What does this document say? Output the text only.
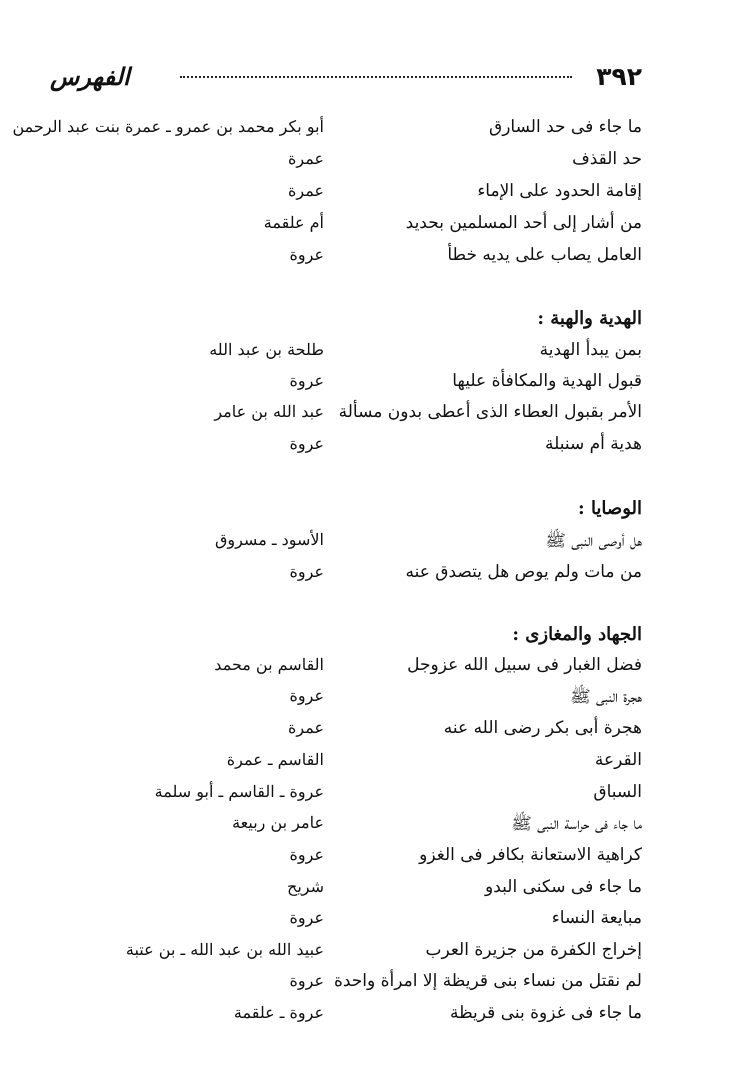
٣٩٢
الفهرس
ما جاء فى حد السارق
أبو بكر محمد بن عمرو ـ عمرة بنت عبد الرحمن
حد القذف
عمرة
إقامة الحدود على الإماء
عمرة
من أشار إلى أحد المسلمين بحديد
أم علقمة
العامل يصاب على يديه خطأ
عروة
الهدية والهبة :
بمن يبدأ الهدية
طلحة بن عبد الله
قبول الهدية والمكافأة عليها
عروة
الأمر بقبول العطاء الذى أعطى بدون مسألة
عبد الله بن عامر
هدية أم سنبلة
عروة
الوصايا :
هل أوصى النبى ﷺ
الأسود ـ مسروق
من مات ولم يوص هل يتصدق عنه
عروة
الجهاد والمغازى :
فضل الغبار فى سبيل الله عزوجل
القاسم بن محمد
هجرة النبى ﷺ
عروة
هجرة أبى بكر رضى الله عنه
عمرة
القرعة
القاسم ـ عمرة
السباق
عروة ـ القاسم ـ أبو سلمة
ما جاء فى حراسة النبى ﷺ
عامر بن ربيعة
كراهية الاستعانة بكافر فى الغزو
عروة
ما جاء فى سكنى البدو
شريح
مبايعة النساء
عروة
إخراج الكفرة من جزيرة العرب
عبيد الله بن عبد الله ـ بن عتبة
لم نقتل من نساء بنى قريظة إلا امرأة واحدة
عروة
ما جاء فى غزوة بنى قريظة
عروة ـ علقمة
